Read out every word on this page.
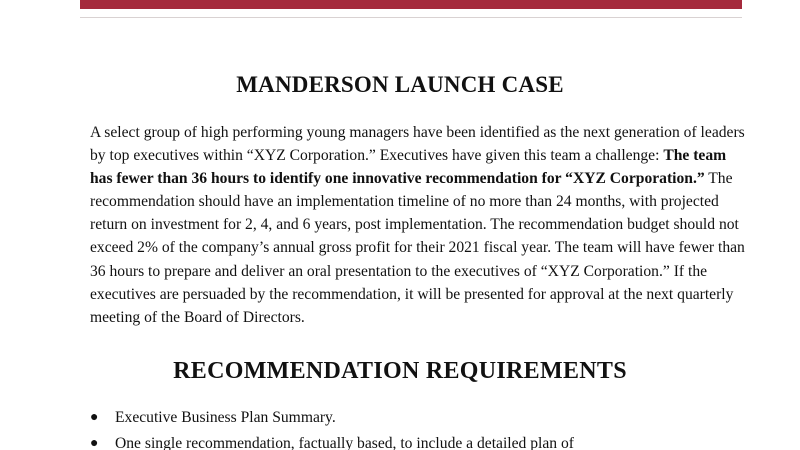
MANDERSON LAUNCH CASE

A select group of high performing young managers have been identified as the next generation of leaders by top executives within “XYZ Corporation.” Executives have given this team a challenge: The team has fewer than 36 hours to identify one innovative recommendation for “XYZ Corporation.” The recommendation should have an implementation timeline of no more than 24 months, with projected return on investment for 2, 4, and 6 years, post implementation. The recommendation budget should not exceed 2% of the company’s annual gross profit for their 2021 fiscal year. The team will have fewer than 36 hours to prepare and deliver an oral presentation to the executives of “XYZ Corporation.” If the executives are persuaded by the recommendation, it will be presented for approval at the next quarterly meeting of the Board of Directors.

RECOMMENDATION REQUIREMENTS
● Executive Business Plan Summary.
● One single recommendation, factually based, to include a detailed plan of
